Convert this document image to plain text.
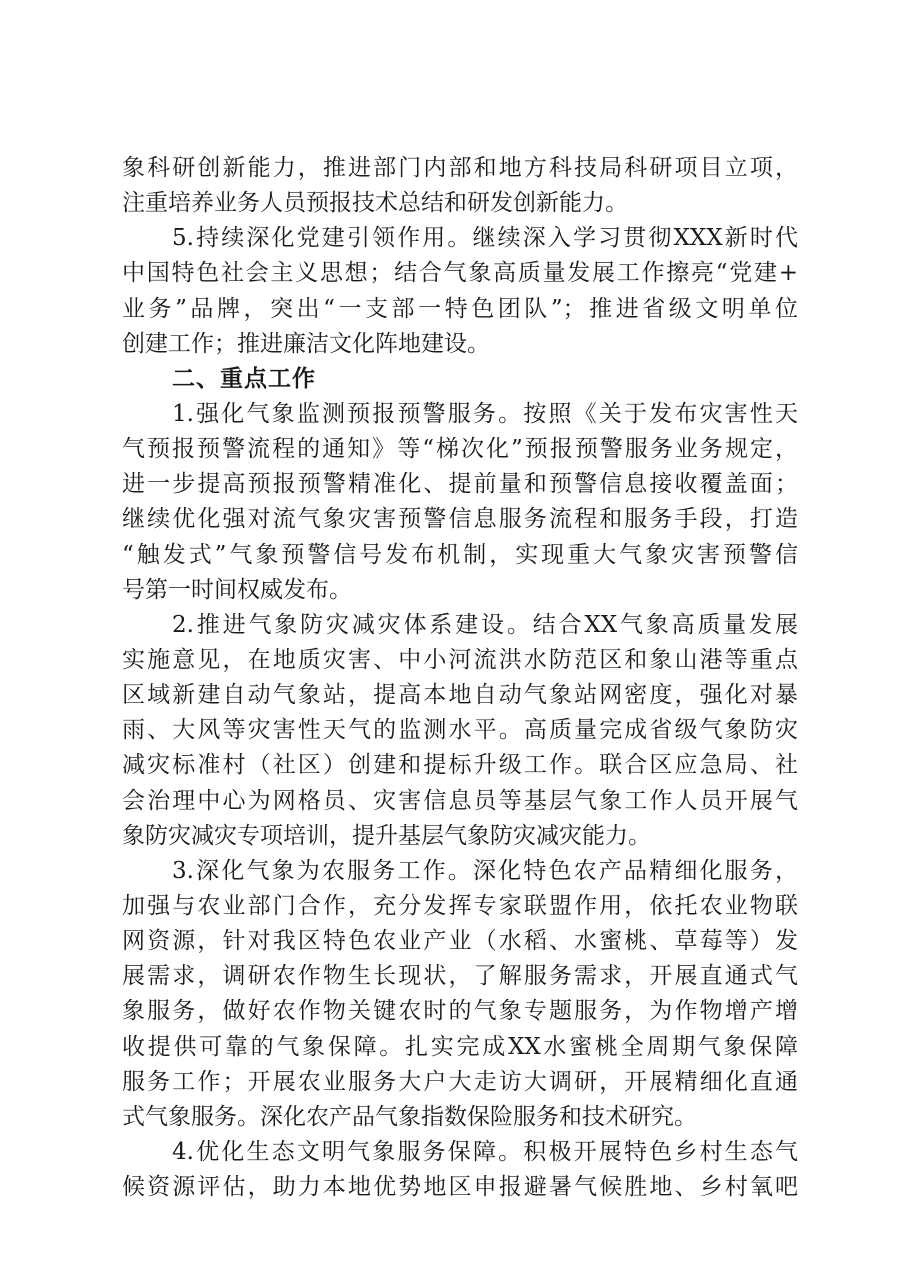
象科研创新能力，推进部门内部和地方科技局科研项目立项，
注重培养业务人员预报技术总结和研发创新能力。
5.持续深化党建引领作用。继续深入学习贯彻XXX新时代
中国特色社会主义思想；结合气象高质量发展工作擦亮“党建+
业务”品牌，突出“一支部一特色团队”；推进省级文明单位
创建工作；推进廉洁文化阵地建设。
二、重点工作
1.强化气象监测预报预警服务。按照《关于发布灾害性天
气预报预警流程的通知》等“梯次化”预报预警服务业务规定，
进一步提高预报预警精准化、提前量和预警信息接收覆盖面；
继续优化强对流气象灾害预警信息服务流程和服务手段，打造
“触发式”气象预警信号发布机制，实现重大气象灾害预警信
号第一时间权威发布。
2.推进气象防灾减灾体系建设。结合XX气象高质量发展
实施意见，在地质灾害、中小河流洪水防范区和象山港等重点
区域新建自动气象站，提高本地自动气象站网密度，强化对暴
雨、大风等灾害性天气的监测水平。高质量完成省级气象防灾
减灾标准村（社区）创建和提标升级工作。联合区应急局、社
会治理中心为网格员、灾害信息员等基层气象工作人员开展气
象防灾减灾专项培训，提升基层气象防灾减灾能力。
3.深化气象为农服务工作。深化特色农产品精细化服务，
加强与农业部门合作，充分发挥专家联盟作用，依托农业物联
网资源，针对我区特色农业产业（水稻、水蜜桃、草莓等）发
展需求，调研农作物生长现状，了解服务需求，开展直通式气
象服务，做好农作物关键农时的气象专题服务，为作物增产增
收提供可靠的气象保障。扎实完成XX水蜜桃全周期气象保障
服务工作；开展农业服务大户大走访大调研，开展精细化直通
式气象服务。深化农产品气象指数保险服务和技术研究。
4.优化生态文明气象服务保障。积极开展特色乡村生态气
候资源评估，助力本地优势地区申报避暑气候胜地、乡村氧吧
